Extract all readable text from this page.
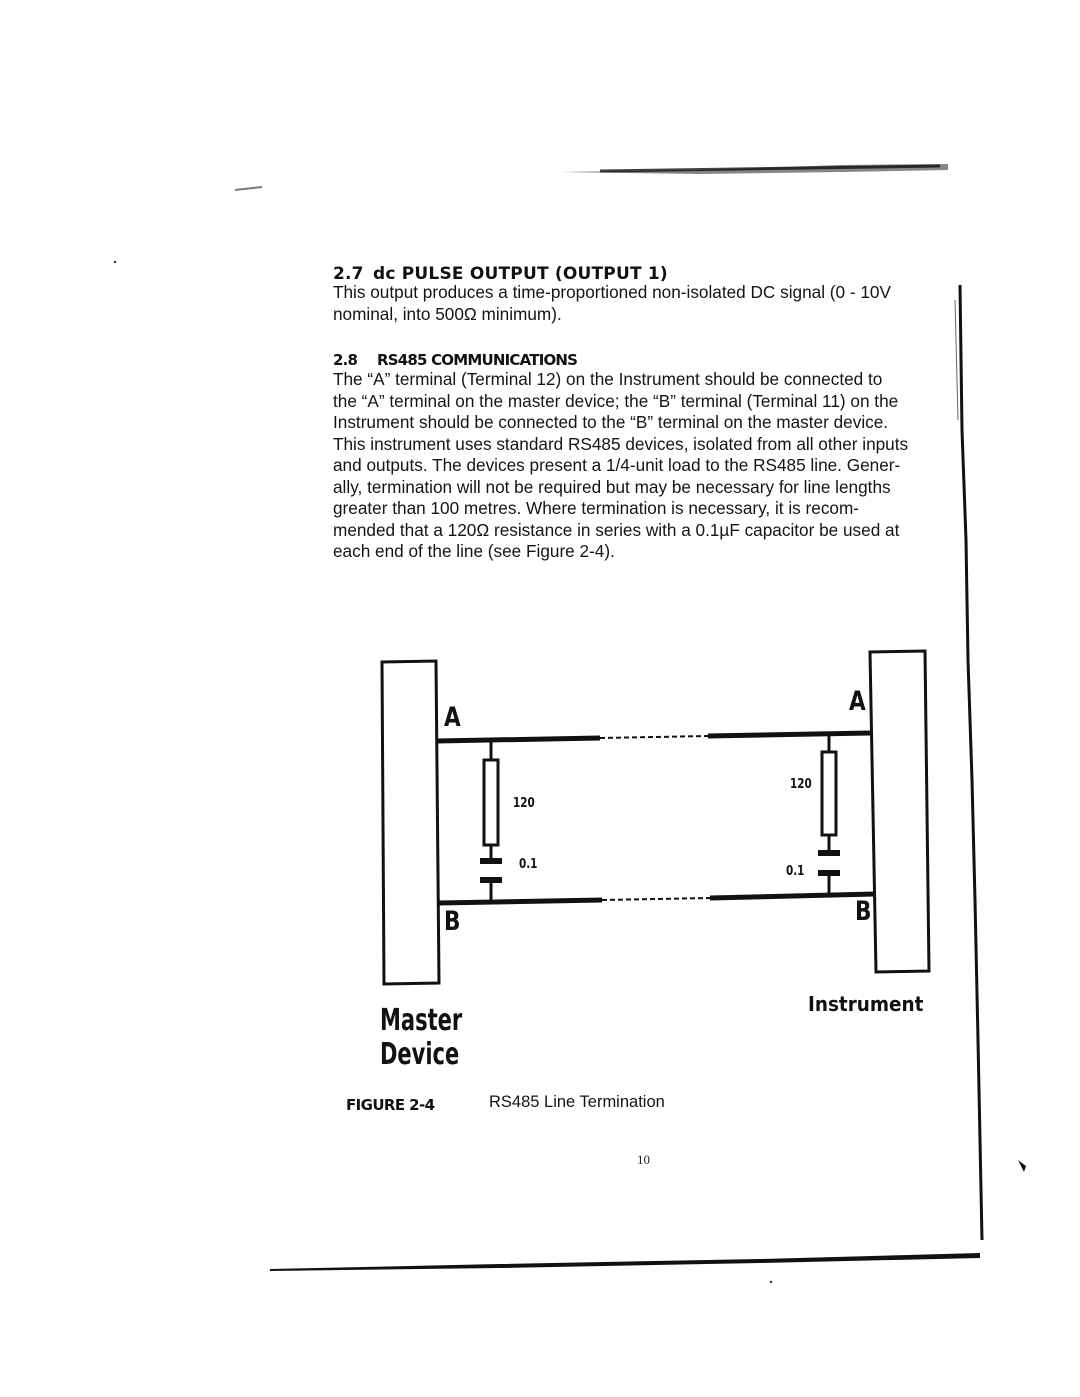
2.7 dc PULSE OUTPUT (OUTPUT 1)
This output produces a time-proportioned non-isolated DC signal (0 - 10V
nominal, into 500Ω minimum).
2.8 RS485 COMMUNICATIONS
The “A” terminal (Terminal 12) on the Instrument should be connected to
the “A” terminal on the master device; the “B” terminal (Terminal 11) on the
Instrument should be connected to the “B” terminal on the master device.
This instrument uses standard RS485 devices, isolated from all other inputs
and outputs. The devices present a 1/4-unit load to the RS485 line. Gener-
ally, termination will not be required but may be necessary for line lengths
greater than 100 metres. Where termination is necessary, it is recom-
mended that a 120Ω resistance in series with a 0.1µF capacitor be used at
each end of the line (see Figure 2-4).
A
B
A
B
120
0.1
120
0.1
Master
Device
Instrument
FIGURE 2-4	RS485 Line Termination
10
